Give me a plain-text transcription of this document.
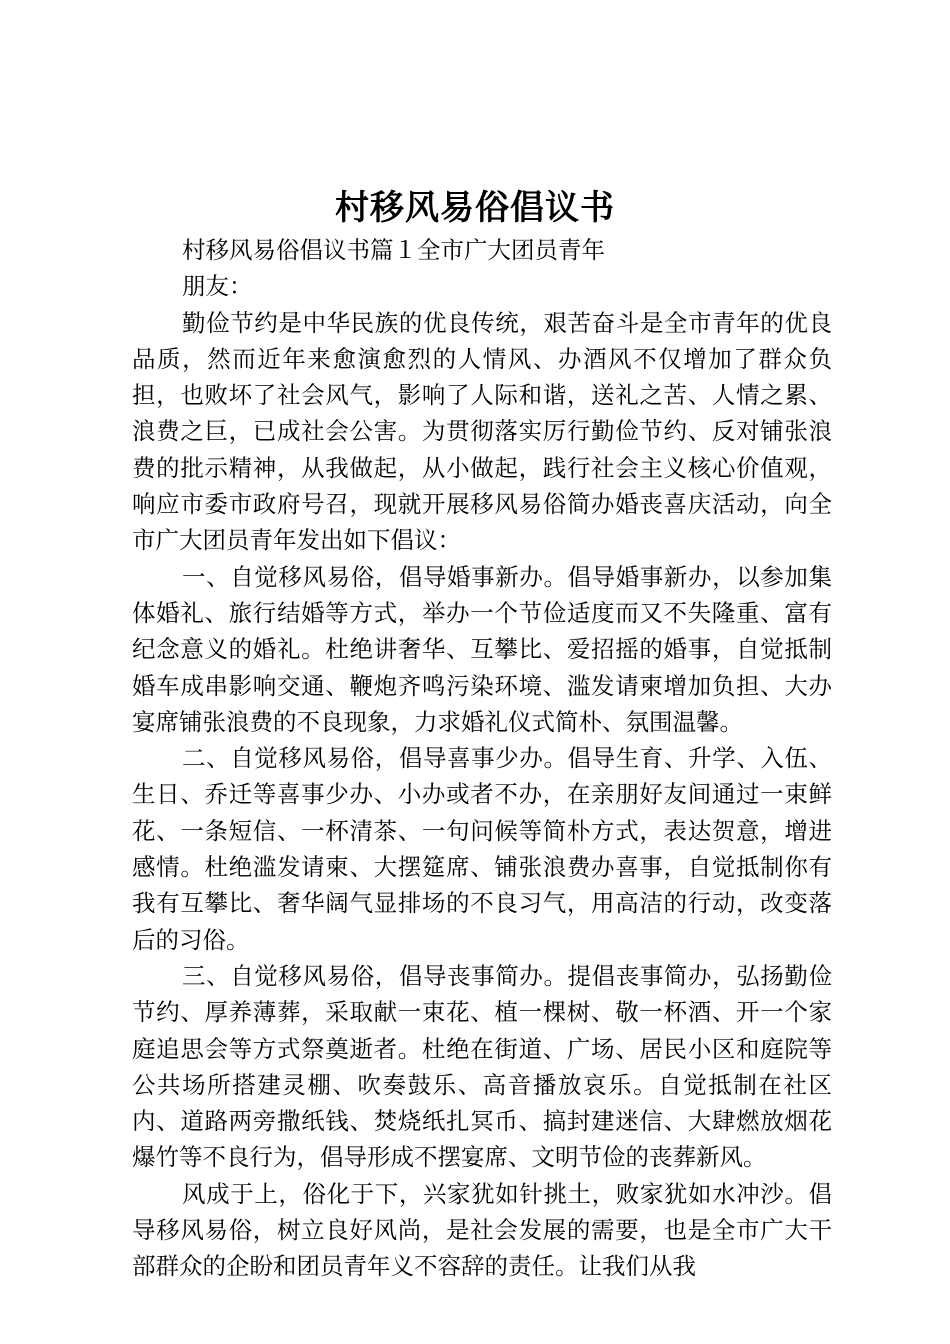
村移风易俗倡议书

村移风易俗倡议书篇１全市广大团员青年

朋友：

勤俭节约是中华民族的优良传统，艰苦奋斗是全市青年的优良品质，然而近年来愈演愈烈的人情风、办酒风不仅增加了群众负担，也败坏了社会风气，影响了人际和谐，送礼之苦、人情之累、浪费之巨，已成社会公害。为贯彻落实厉行勤俭节约、反对铺张浪费的批示精神，从我做起，从小做起，践行社会主义核心价值观，响应市委市政府号召，现就开展移风易俗简办婚丧喜庆活动，向全市广大团员青年发出如下倡议：

一、自觉移风易俗，倡导婚事新办。倡导婚事新办，以参加集体婚礼、旅行结婚等方式，举办一个节俭适度而又不失隆重、富有纪念意义的婚礼。杜绝讲奢华、互攀比、爱招摇的婚事，自觉抵制婚车成串影响交通、鞭炮齐鸣污染环境、滥发请柬增加负担、大办宴席铺张浪费的不良现象，力求婚礼仪式简朴、氛围温馨。

二、自觉移风易俗，倡导喜事少办。倡导生育、升学、入伍、生日、乔迁等喜事少办、小办或者不办，在亲朋好友间通过一束鲜花、一条短信、一杯清茶、一句问候等简朴方式，表达贺意，增进感情。杜绝滥发请柬、大摆筵席、铺张浪费办喜事，自觉抵制你有我有互攀比、奢华阔气显排场的不良习气，用高洁的行动，改变落后的习俗。

三、自觉移风易俗，倡导丧事简办。提倡丧事简办，弘扬勤俭节约、厚养薄葬，采取献一束花、植一棵树、敬一杯酒、开一个家庭追思会等方式祭奠逝者。杜绝在街道、广场、居民小区和庭院等公共场所搭建灵棚、吹奏鼓乐、高音播放哀乐。自觉抵制在社区内、道路两旁撒纸钱、焚烧纸扎冥币、搞封建迷信、大肆燃放烟花爆竹等不良行为，倡导形成不摆宴席、文明节俭的丧葬新风。

风成于上，俗化于下，兴家犹如针挑土，败家犹如水冲沙。倡导移风易俗，树立良好风尚，是社会发展的需要，也是全市广大干部群众的企盼和团员青年义不容辞的责任。让我们从我
